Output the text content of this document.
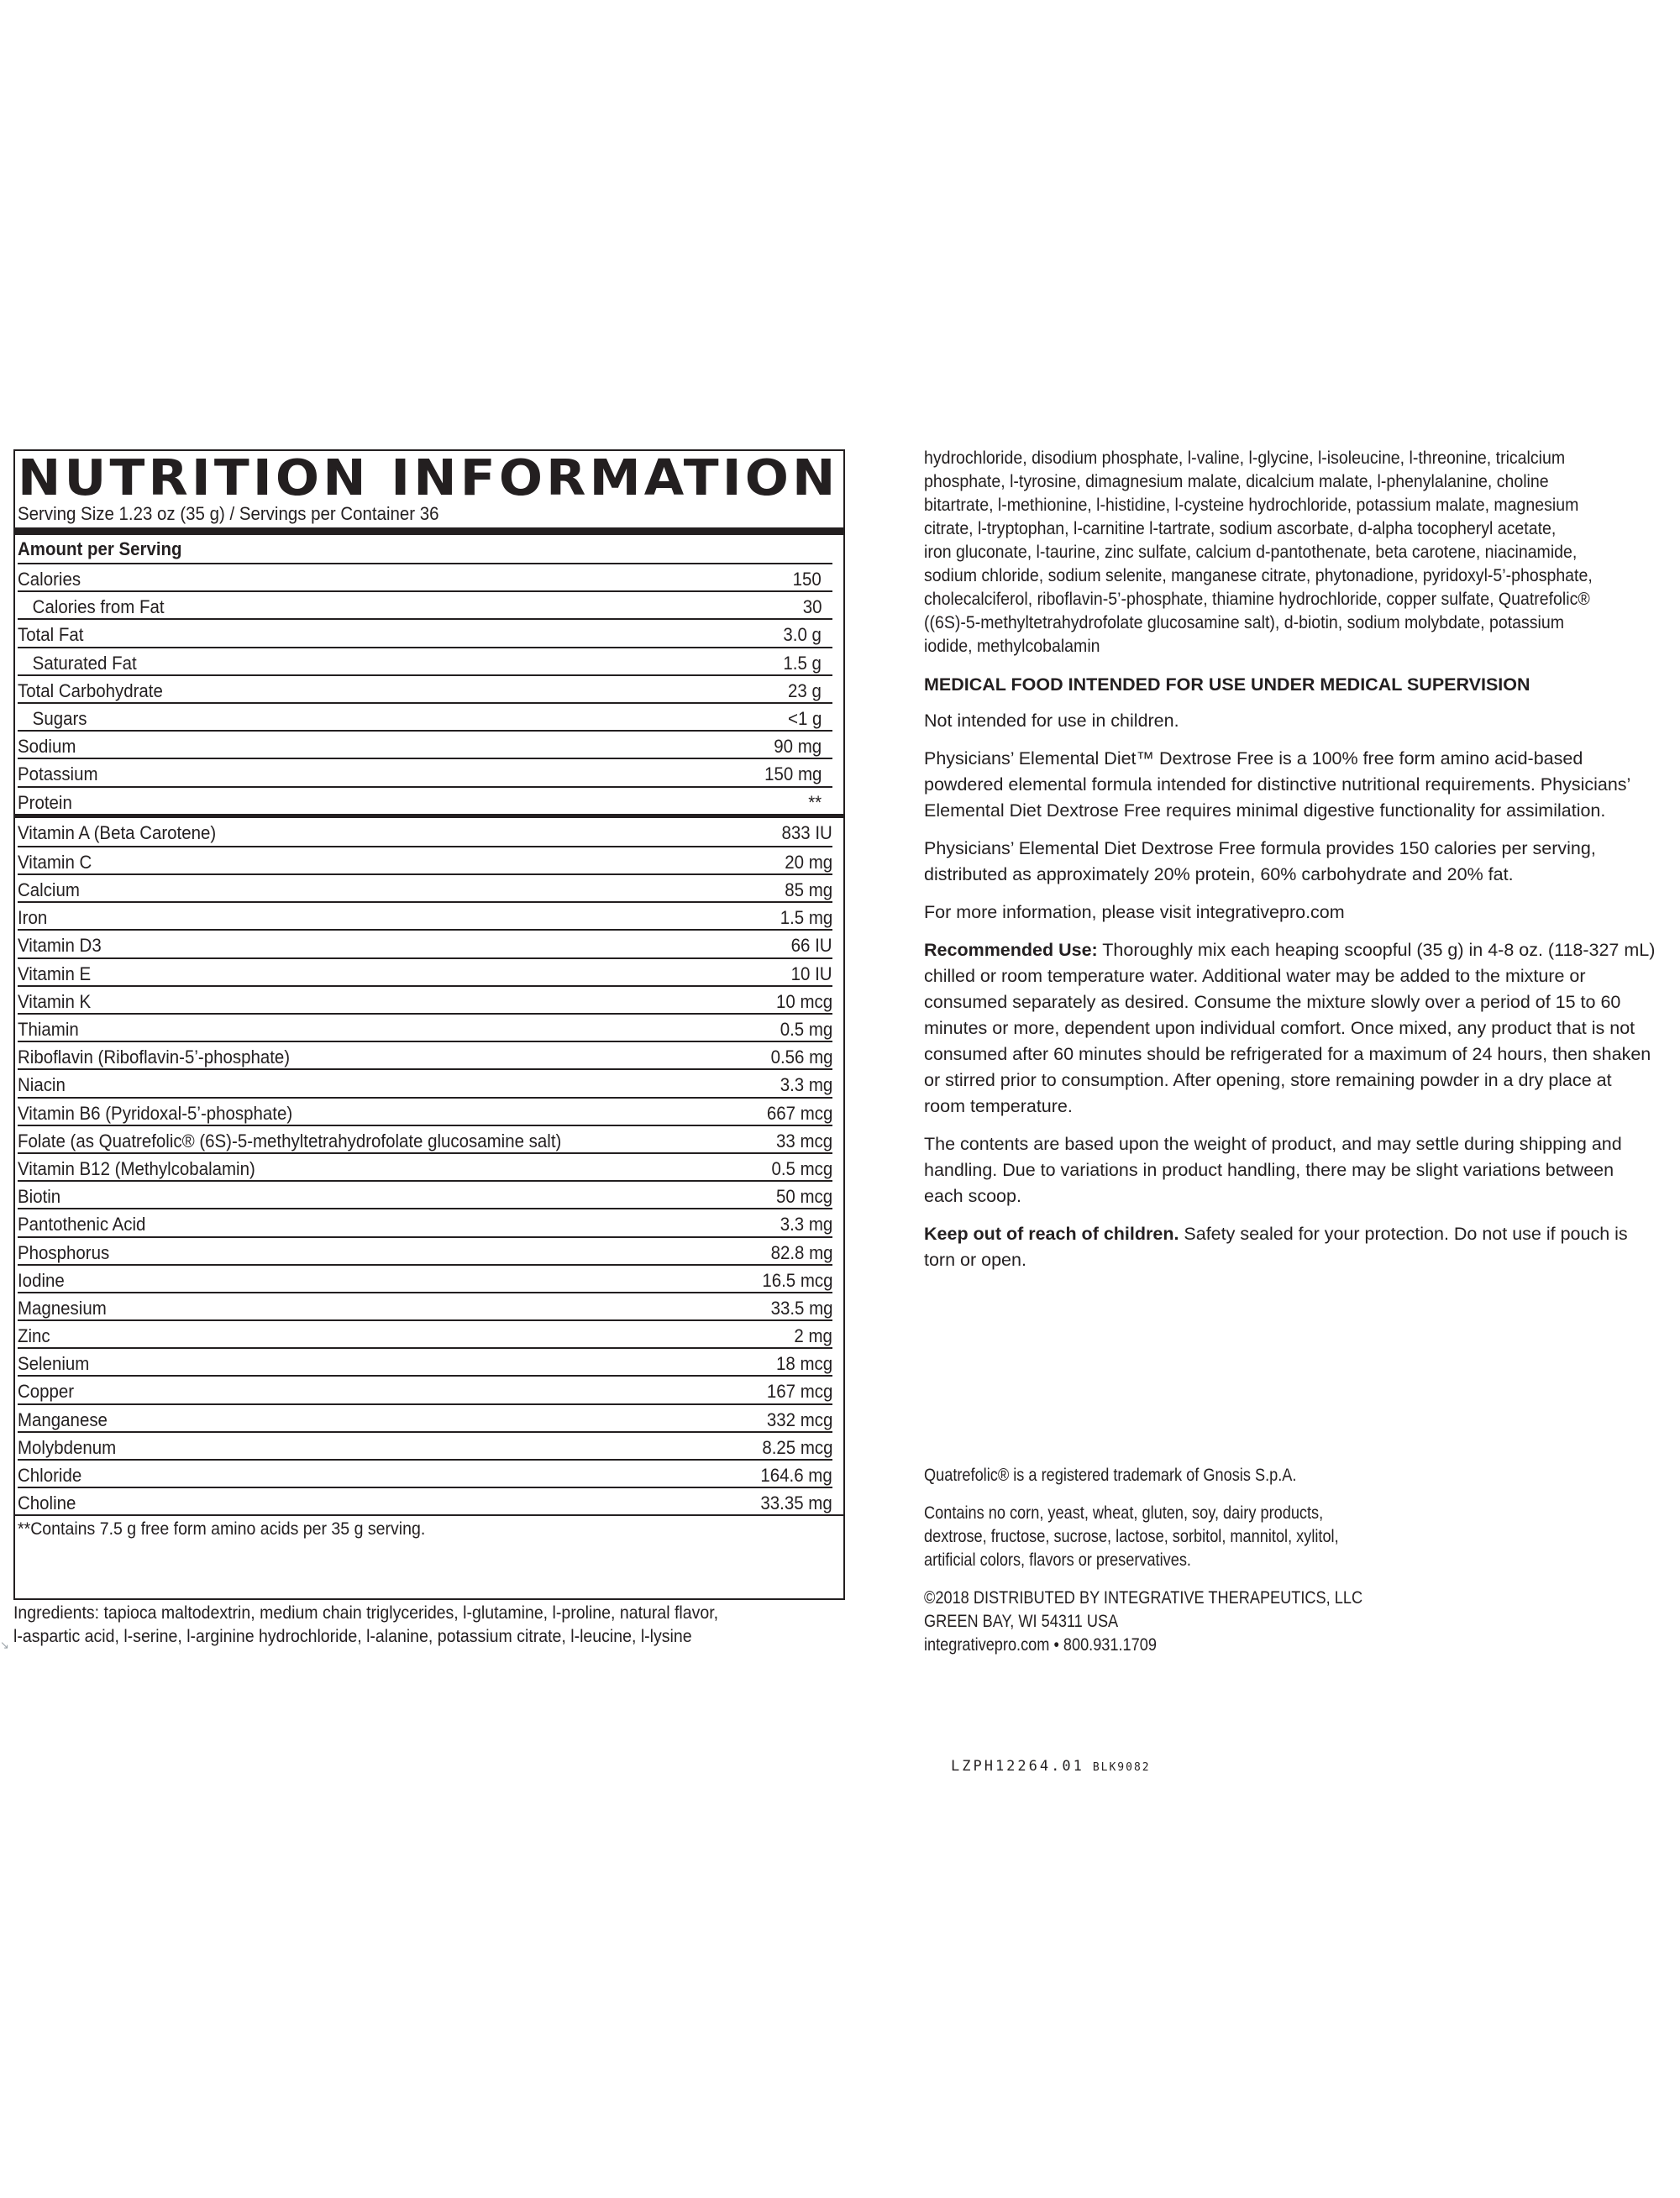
NUTRITION INFORMATION
Serving Size 1.23 oz (35 g) / Servings per Container 36
Amount per Serving
Calories	150
Calories from Fat	30
Total Fat	3.0 g
Saturated Fat	1.5 g
Total Carbohydrate	23 g
Sugars	<1 g
Sodium	90 mg
Potassium	150 mg
Protein	**
Vitamin A (Beta Carotene)	833 IU
Vitamin C	20 mg
Calcium	85 mg
Iron	1.5 mg
Vitamin D3	66 IU
Vitamin E	10 IU
Vitamin K	10 mcg
Thiamin	0.5 mg
Riboflavin (Riboflavin-5’-phosphate)	0.56 mg
Niacin	3.3 mg
Vitamin B6 (Pyridoxal-5’-phosphate)	667 mcg
Folate (as Quatrefolic® (6S)-5-methyltetrahydrofolate glucosamine salt)	33 mcg
Vitamin B12 (Methylcobalamin)	0.5 mcg
Biotin	50 mcg
Pantothenic Acid	3.3 mg
Phosphorus	82.8 mg
Iodine	16.5 mcg
Magnesium	33.5 mg
Zinc	2 mg
Selenium	18 mcg
Copper	167 mcg
Manganese	332 mcg
Molybdenum	8.25 mcg
Chloride	164.6 mg
Choline	33.35 mg
**Contains 7.5 g free form amino acids per 35 g serving.
Ingredients: tapioca maltodextrin, medium chain triglycerides, l-glutamine, l-proline, natural flavor,
l-aspartic acid, l-serine, l-arginine hydrochloride, l-alanine, potassium citrate, l-leucine, l-lysine
↘
hydrochloride, disodium phosphate, l-valine, l-glycine, l-isoleucine, l-threonine, tricalcium
phosphate, l-tyrosine, dimagnesium malate, dicalcium malate, l-phenylalanine, choline
bitartrate, l-methionine, l-histidine, l-cysteine hydrochloride, potassium malate, magnesium
citrate, l-tryptophan, l-carnitine l-tartrate, sodium ascorbate, d-alpha tocopheryl acetate,
iron gluconate, l-taurine, zinc sulfate, calcium d-pantothenate, beta carotene, niacinamide,
sodium chloride, sodium selenite, manganese citrate, phytonadione, pyridoxyl-5’-phosphate,
cholecalciferol, riboflavin-5’-phosphate, thiamine hydrochloride, copper sulfate, Quatrefolic®
((6S)-5-methyltetrahydrofolate glucosamine salt), d-biotin, sodium molybdate, potassium
iodide, methylcobalamin
MEDICAL FOOD INTENDED FOR USE UNDER MEDICAL SUPERVISION
Not intended for use in children.
Physicians’ Elemental Diet™ Dextrose Free is a 100% free form amino acid-based
powdered elemental formula intended for distinctive nutritional requirements. Physicians’
Elemental Diet Dextrose Free requires minimal digestive functionality for assimilation.
Physicians’ Elemental Diet Dextrose Free formula provides 150 calories per serving,
distributed as approximately 20% protein, 60% carbohydrate and 20% fat.
For more information, please visit integrativepro.com
Recommended Use: Thoroughly mix each heaping scoopful (35 g) in 4-8 oz. (118-327 mL)
chilled or room temperature water. Additional water may be added to the mixture or
consumed separately as desired. Consume the mixture slowly over a period of 15 to 60
minutes or more, dependent upon individual comfort. Once mixed, any product that is not
consumed after 60 minutes should be refrigerated for a maximum of 24 hours, then shaken
or stirred prior to consumption. After opening, store remaining powder in a dry place at
room temperature.
The contents are based upon the weight of product, and may settle during shipping and
handling. Due to variations in product handling, there may be slight variations between
each scoop.
Keep out of reach of children. Safety sealed for your protection. Do not use if pouch is
torn or open.
Quatrefolic® is a registered trademark of Gnosis S.p.A.
Contains no corn, yeast, wheat, gluten, soy, dairy products,
dextrose, fructose, sucrose, lactose, sorbitol, mannitol, xylitol,
artificial colors, flavors or preservatives.
©2018 DISTRIBUTED BY INTEGRATIVE THERAPEUTICS, LLC
GREEN BAY, WI 54311 USA
integrativepro.com • 800.931.1709
LZPH12264.01 BLK9082
